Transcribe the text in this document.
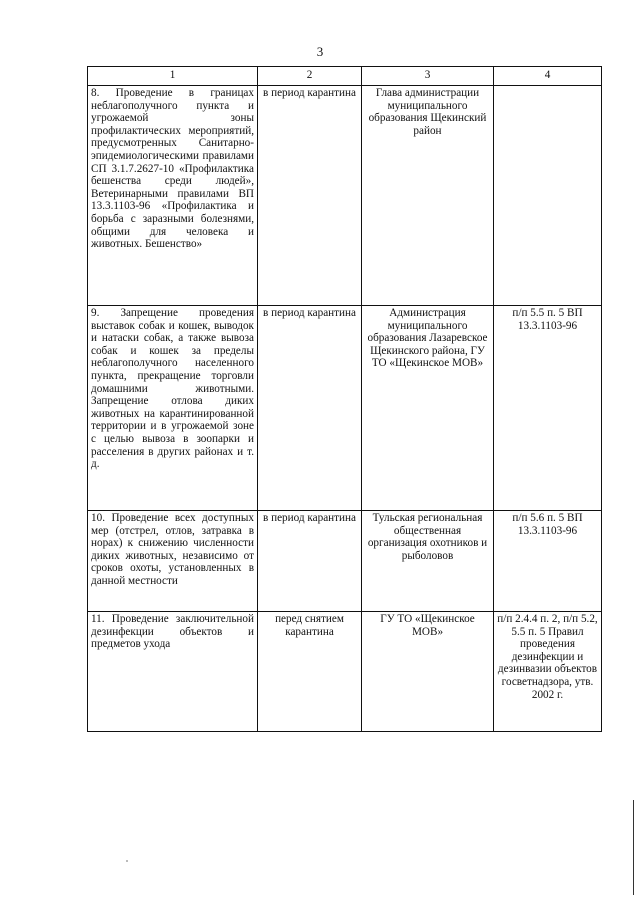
3
1	2	3	4
8. Проведение в границах неблагополучного пункта и угрожаемой зоны профилактических мероприятий, предусмотренных Санитарно-эпидемиологическими правилами СП 3.1.7.2627-10 «Профилактика бешенства среди людей», Ветеринарными правилами ВП 13.3.1103-96 «Профилактика и борьба с заразными болезнями, общими для человека и животных. Бешенство»	в период карантина	Глава администрации муниципального образования Щекинский район	
9. Запрещение проведения выставок собак и кошек, выводок и натаски собак, а также вывоза собак и кошек за пределы неблагополучного населенного пункта, прекращение торговли домашними животными. Запрещение отлова диких животных на карантинированной территории и в угрожаемой зоне с целью вывоза в зоопарки и расселения в других районах и т. д.	в период карантина	Администрация муниципального образования Лазаревское Щекинского района, ГУ ТО «Щекинское МОВ»	п/п 5.5 п. 5 ВП 13.3.1103-96
10. Проведение всех доступных мер (отстрел, отлов, затравка в норах) к снижению численности диких животных, независимо от сроков охоты, установленных в данной местности	в период карантина	Тульская региональная общественная организация охотников и рыболовов	п/п 5.6 п. 5 ВП 13.3.1103-96
11. Проведение заключительной дезинфекции объектов и предметов ухода	перед снятием карантина	ГУ ТО «Щекинское МОВ»	п/п 2.4.4 п. 2, п/п 5.2, 5.5 п. 5 Правил проведения дезинфекции и дезинвазии объектов госветнадзора, утв. 2002 г.
